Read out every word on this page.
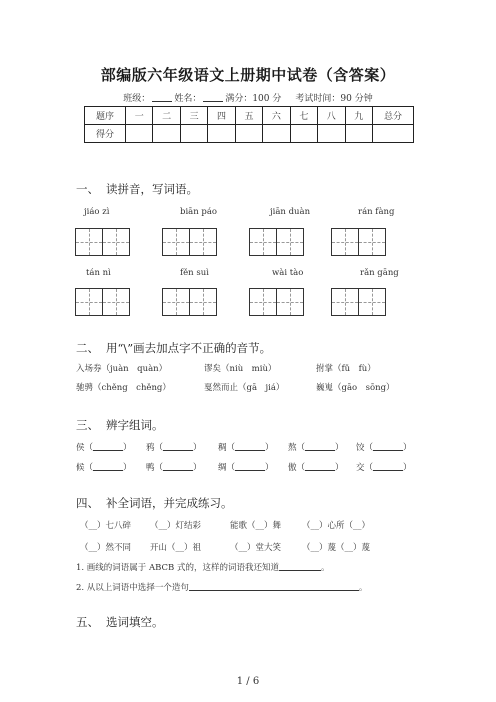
部编版六年级语文上册期中试卷（含答案）
班级：	姓名：	满分：100 分 考试时间：90 分钟
题序	一	二	三	四	五	六	七	八	九	总分
得分										
一、 读拼音，写词语。
jiáo zì	biān páo	jiān duàn	rán fàng
tán nì	fěn suì	wài tào	rǎn gāng
二、 用“\”画去加点字不正确的音节。
入场券（juàn　quàn）	谬矣（niù　miù）	拊掌（fǔ　fù）
驰骋（chěng　chěng）	戛然而止（gā　jiá）	巍嵬（gāo　sōng）
三、 辨字组词。
侯（	） 鸦（	） 稠（	） 熬（	） 饺（	）
候（	） 鸭（	） 绸（	） 傲（	） 交（	）
四、 补全词语，并完成练习。
（__）七八碎 （__）灯结彩	能歌（__）舞 （__）心所（__）
（__）然不同 开山（__）祖	（__）堂大笑 （__）蔑（__）蔑
1. 画线的词语属于 ABCB 式的，这样的词语我还知道	。
2. 从以上词语中选择一个造句	。
五、 选词填空。
1 / 6
